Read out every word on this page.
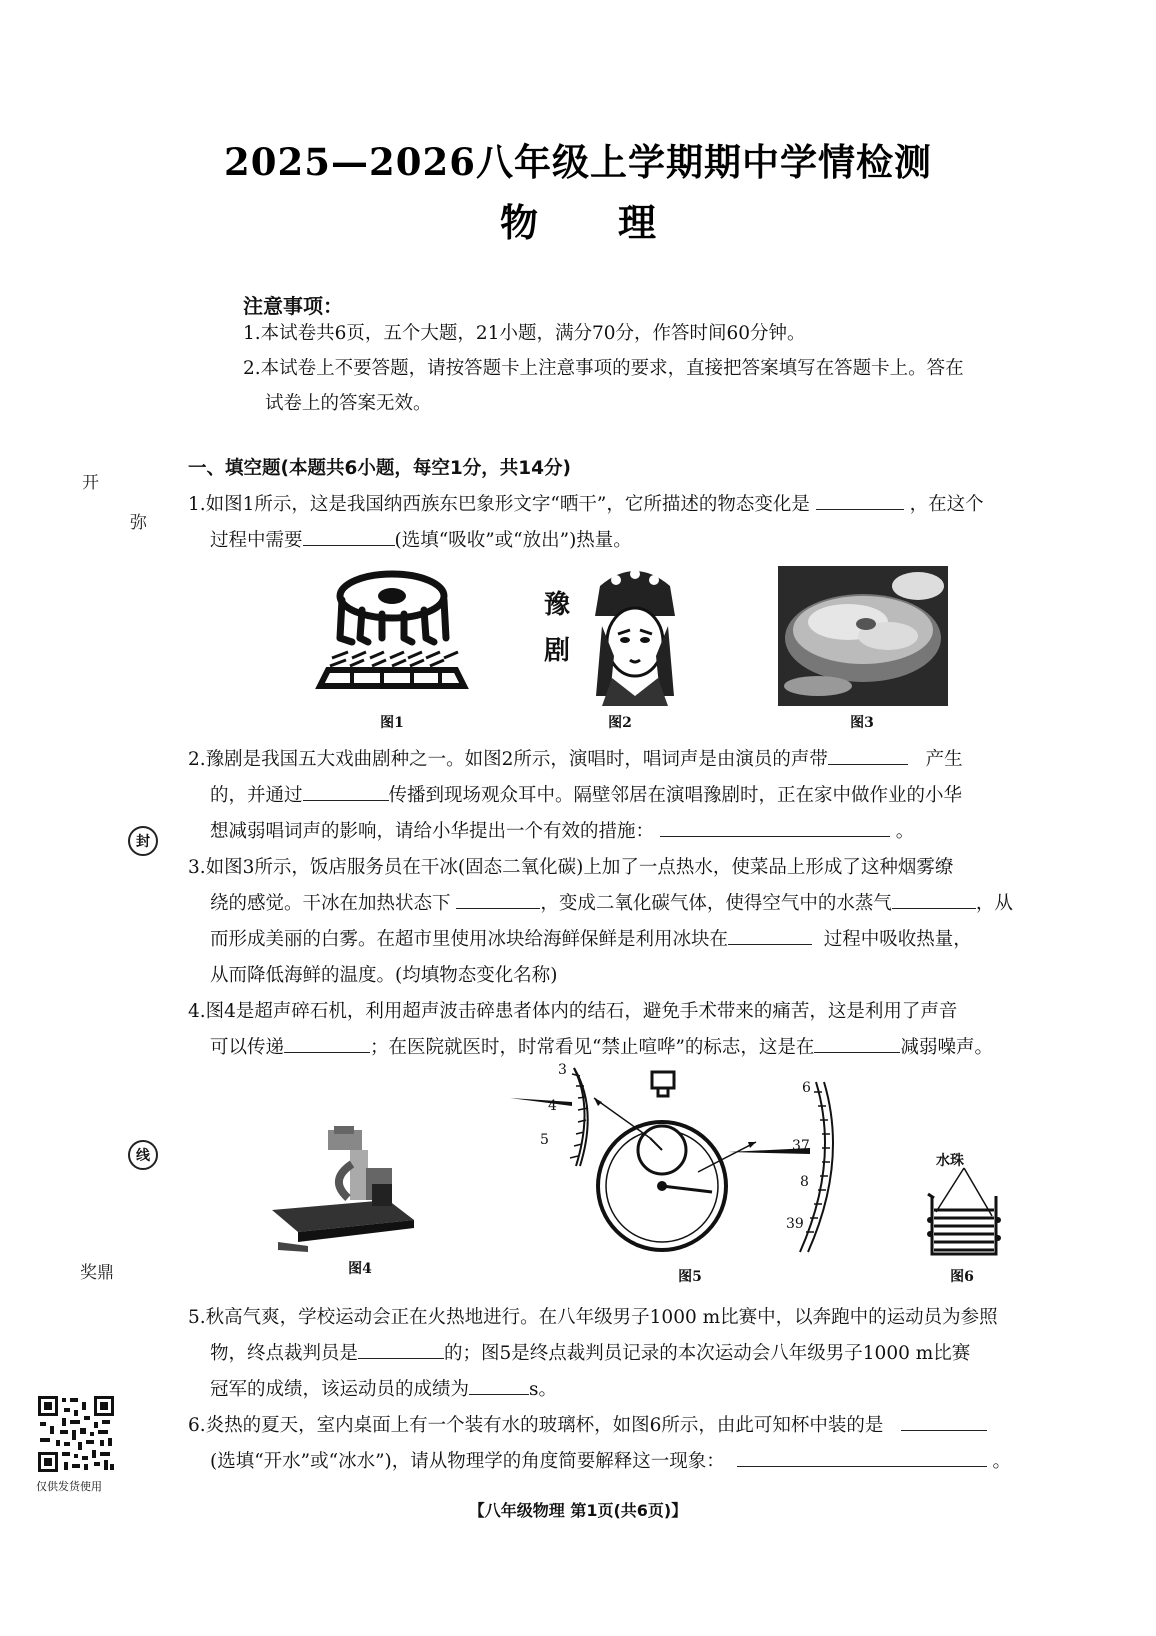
2025—2026八年级上学期期中学情检测
物理
注意事项：
1.本试卷共6页，五个大题，21小题，满分70分，作答时间60分钟。
2.本试卷上不要答题，请按答题卡上注意事项的要求，直接把答案填写在答题卡上。答在
试卷上的答案无效。
开
弥
封
线
奖鼎
仅供发货使用
一、填空题(本题共6小题，每空1分，共14分)
1.如图1所示，这是我国纳西族东巴象形文字“晒干”，它所描述的物态变化是	，在这个
过程中需要	(选填“吸收”或“放出”)热量。
图1
豫
剧
图2	图3
2.豫剧是我国五大戏曲剧种之一。如图2所示，演唱时，唱词声是由演员的声带	产生
的，并通过	传播到现场观众耳中。隔壁邻居在演唱豫剧时，正在家中做作业的小华
想减弱唱词声的影响，请给小华提出一个有效的措施：	。
3.如图3所示，饭店服务员在干冰(固态二氧化碳)上加了一点热水，使菜品上形成了这种烟雾缭
绕的感觉。干冰在加热状态下	，变成二氧化碳气体，使得空气中的水蒸气	，从
而形成美丽的白雾。在超市里使用冰块给海鲜保鲜是利用冰块在	过程中吸收热量，
从而降低海鲜的温度。(均填物态变化名称)
4.图4是超声碎石机，利用超声波击碎患者体内的结石，避免手术带来的痛苦，这是利用了声音
可以传递	；在医院就医时，时常看见“禁止喧哗”的标志，这是在	减弱噪声。
图4
3
4
5
6
37
8
39
图5
水珠
图6
5.秋高气爽，学校运动会正在火热地进行。在八年级男子1000 m比赛中，以奔跑中的运动员为参照
物，终点裁判员是	的；图5是终点裁判员记录的本次运动会八年级男子1000 m比赛
冠军的成绩，该运动员的成绩为	s。
6.炎热的夏天，室内桌面上有一个装有水的玻璃杯，如图6所示，由此可知杯中装的是
(选填“开水”或“冰水”)，请从物理学的角度简要解释这一现象：	。
【八年级物理 第1页(共6页)】
